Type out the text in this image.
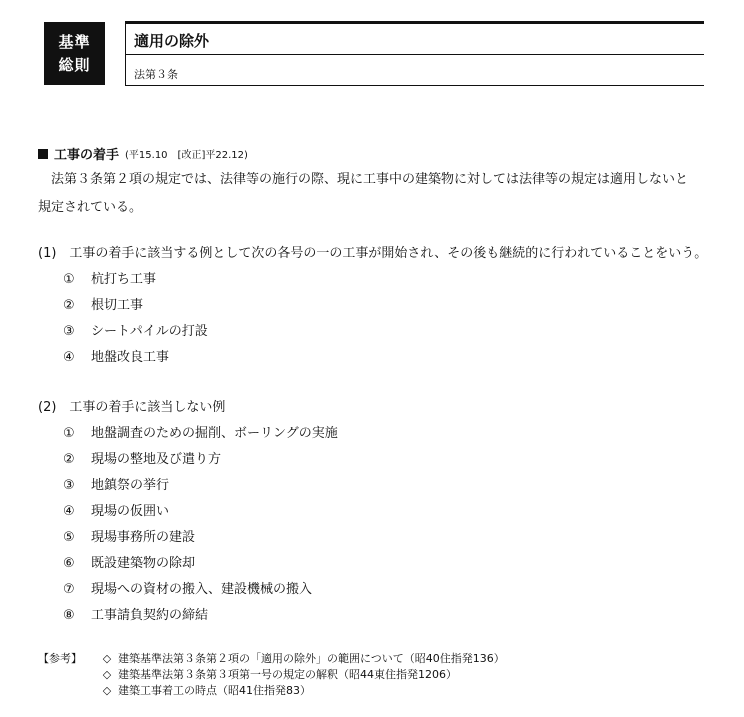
基準
総則
適用の除外
法第３条
工事の着手 (平15.10　[改正]平22.12)
法第３条第２項の規定では、法律等の施行の際、現に工事中の建築物に対しては法律等の規定は適用しないと
規定されている。
(1)　工事の着手に該当する例として次の各号の一の工事が開始され、その後も継続的に行われていることをいう。
① 杭打ち工事
② 根切工事
③ シートパイルの打設
④ 地盤改良工事
(2)　工事の着手に該当しない例
① 地盤調査のための掘削、ボーリングの実施
② 現場の整地及び遣り方
③ 地鎮祭の挙行
④ 現場の仮囲い
⑤ 現場事務所の建設
⑥ 既設建築物の除却
⑦ 現場への資材の搬入、建設機械の搬入
⑧ 工事請負契約の締結
【参考】	◇ 建築基準法第３条第２項の「適用の除外」の範囲について（昭40住指発136）
◇ 建築基準法第３条第３項第一号の規定の解釈（昭44東住指発1206）
◇ 建築工事着工の時点（昭41住指発83）
